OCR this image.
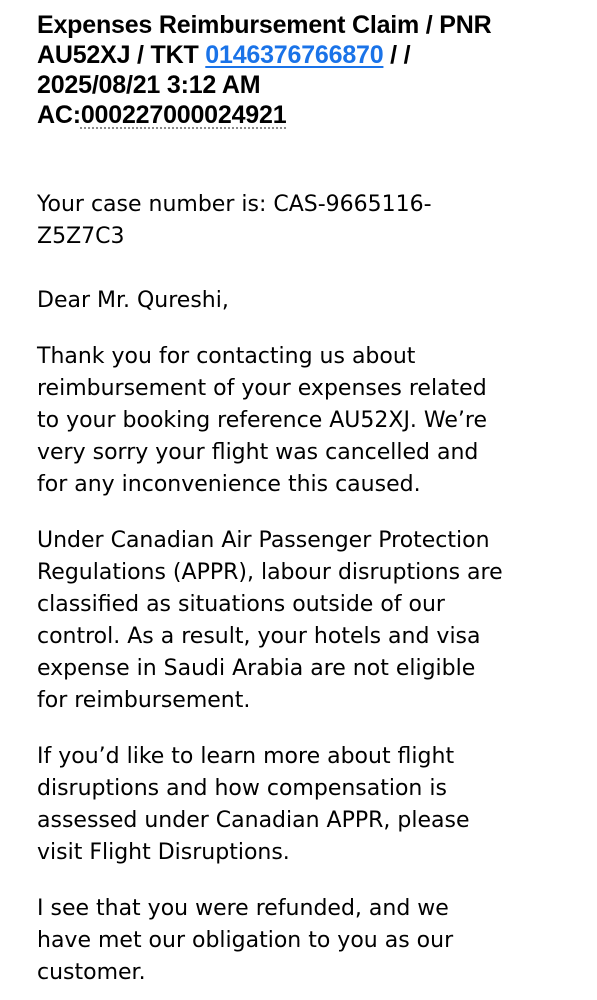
Expenses Reimbursement Claim / PNR
AU52XJ / TKT 0146376766870 / /
2025/08/21 3:12 AM
AC:000227000024921

Your case number is: CAS-9665116-
Z5Z7C3

Dear Mr. Qureshi,

Thank you for contacting us about
reimbursement of your expenses related
to your booking reference AU52XJ. We’re
very sorry your flight was cancelled and
for any inconvenience this caused.

Under Canadian Air Passenger Protection
Regulations (APPR), labour disruptions are
classified as situations outside of our
control. As a result, your hotels and visa
expense in Saudi Arabia are not eligible
for reimbursement.

If you’d like to learn more about flight
disruptions and how compensation is
assessed under Canadian APPR, please
visit Flight Disruptions.

I see that you were refunded, and we
have met our obligation to you as our
customer.
